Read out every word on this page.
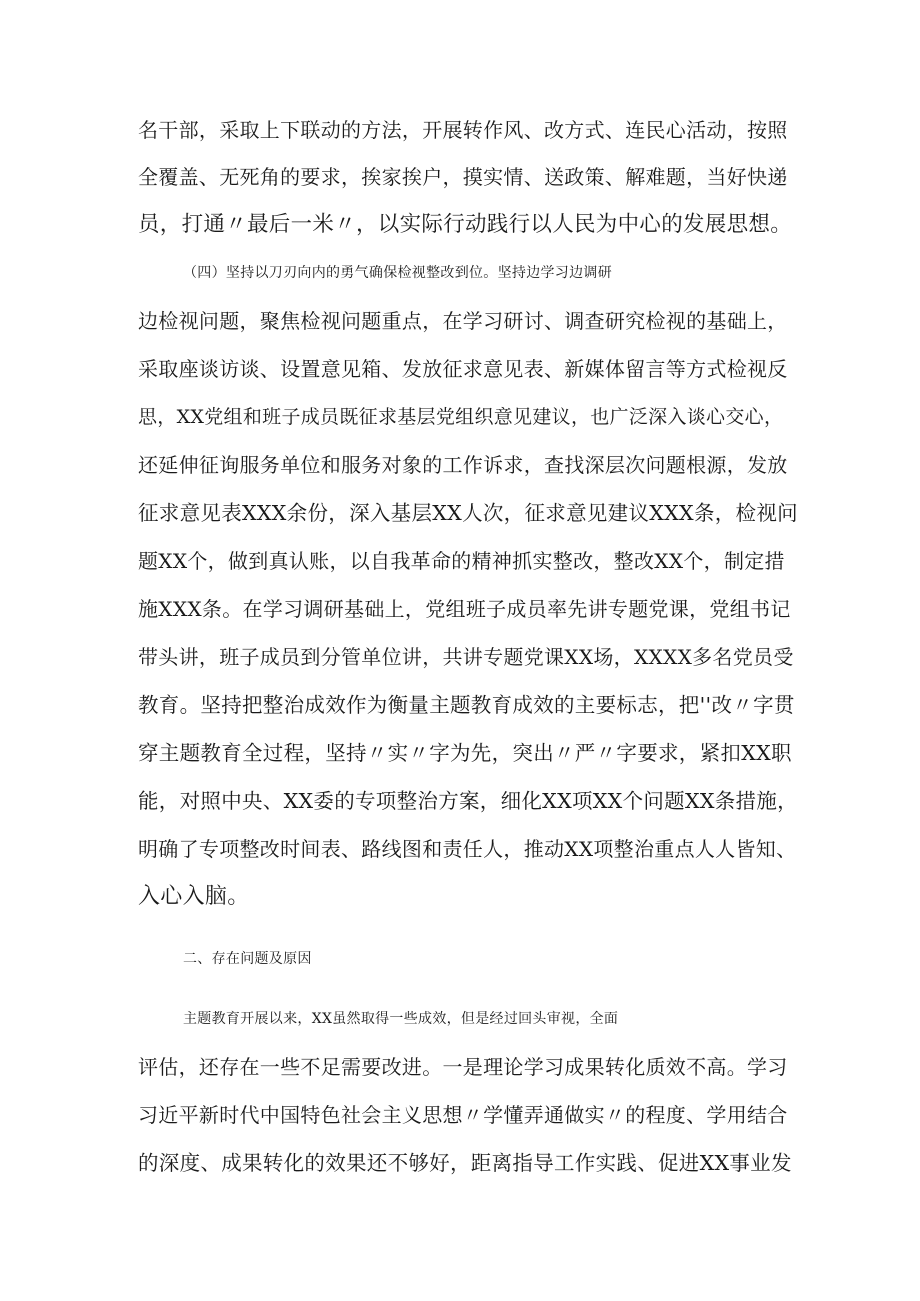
名干部，采取上下联动的方法，开展转作风、改方式、连民心活动，按照
全覆盖、无死角的要求，挨家挨户，摸实情、送政策、解难题，当好快递
员，打通〃最后一米〃，以实际行动践行以人民为中心的发展思想。
（四）坚持以刀刃向内的勇气确保检视整改到位。坚持边学习边调研
边检视问题，聚焦检视问题重点，在学习研讨、调查研究检视的基础上，
采取座谈访谈、设置意见箱、发放征求意见表、新媒体留言等方式检视反
思，XX党组和班子成员既征求基层党组织意见建议，也广泛深入谈心交心，
还延伸征询服务单位和服务对象的工作诉求，查找深层次问题根源，发放
征求意见表XXX余份，深入基层XX人次，征求意见建议XXX条，检视问
题XX个，做到真认账，以自我革命的精神抓实整改，整改XX个，制定措
施XXX条。在学习调研基础上，党组班子成员率先讲专题党课，党组书记
带头讲，班子成员到分管单位讲，共讲专题党课XX场，XXXX多名党员受
教育。坚持把整治成效作为衡量主题教育成效的主要标志，把''改〃字贯
穿主题教育全过程，坚持〃实〃字为先，突出〃严〃字要求，紧扣XX职
能，对照中央、XX委的专项整治方案，细化XX项XX个问题XX条措施，
明确了专项整改时间表、路线图和责任人，推动XX项整治重点人人皆知、
入心入脑。
二、存在问题及原因
主题教育开展以来，XX虽然取得一些成效，但是经过回头审视，全面
评估，还存在一些不足需要改进。一是理论学习成果转化质效不高。学习
习近平新时代中国特色社会主义思想〃学懂弄通做实〃的程度、学用结合
的深度、成果转化的效果还不够好，距离指导工作实践、促进XX事业发
